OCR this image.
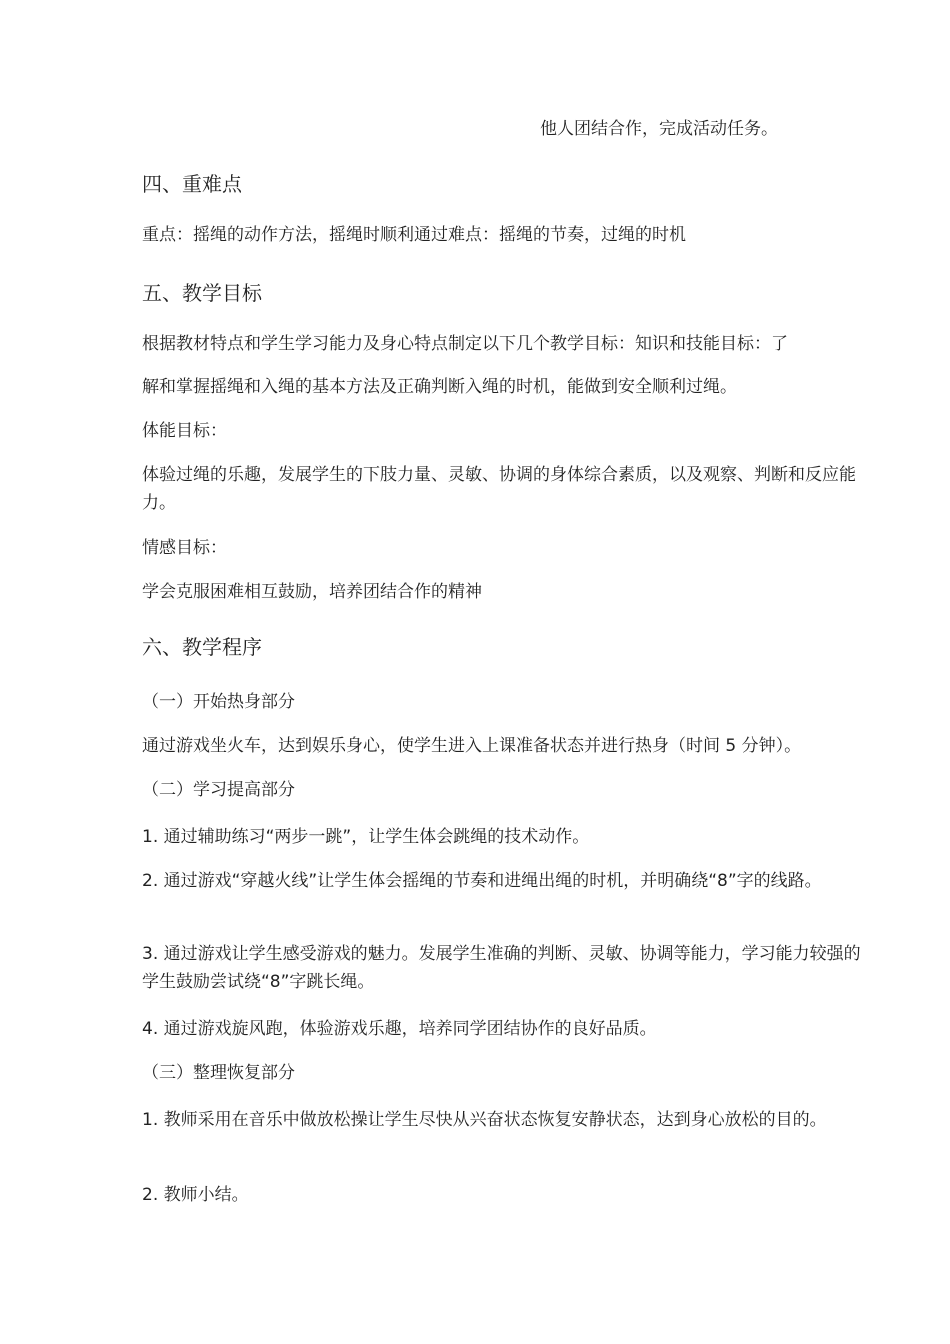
他人团结合作，完成活动任务。
四、重难点
重点：摇绳的动作方法，摇绳时顺利通过难点：摇绳的节奏，过绳的时机
五、教学目标
根据教材特点和学生学习能力及身心特点制定以下几个教学目标：知识和技能目标：了
解和掌握摇绳和入绳的基本方法及正确判断入绳的时机，能做到安全顺利过绳。
体能目标：
体验过绳的乐趣，发展学生的下肢力量、灵敏、协调的身体综合素质，以及观察、判断和反应能力。
情感目标：
学会克服困难相互鼓励，培养团结合作的精神
六、教学程序
（一）开始热身部分
通过游戏坐火车，达到娱乐身心，使学生进入上课准备状态并进行热身（时间 5 分钟）。
（二）学习提高部分
1. 通过辅助练习“两步一跳”，让学生体会跳绳的技术动作。
2. 通过游戏“穿越火线”让学生体会摇绳的节奏和进绳出绳的时机，并明确绕“8”字的线路。
3. 通过游戏让学生感受游戏的魅力。发展学生准确的判断、灵敏、协调等能力，学习能力较强的学生鼓励尝试绕“8”字跳长绳。
4. 通过游戏旋风跑，体验游戏乐趣，培养同学团结协作的良好品质。
（三）整理恢复部分
1. 教师采用在音乐中做放松操让学生尽快从兴奋状态恢复安静状态，达到身心放松的目的。
2. 教师小结。
